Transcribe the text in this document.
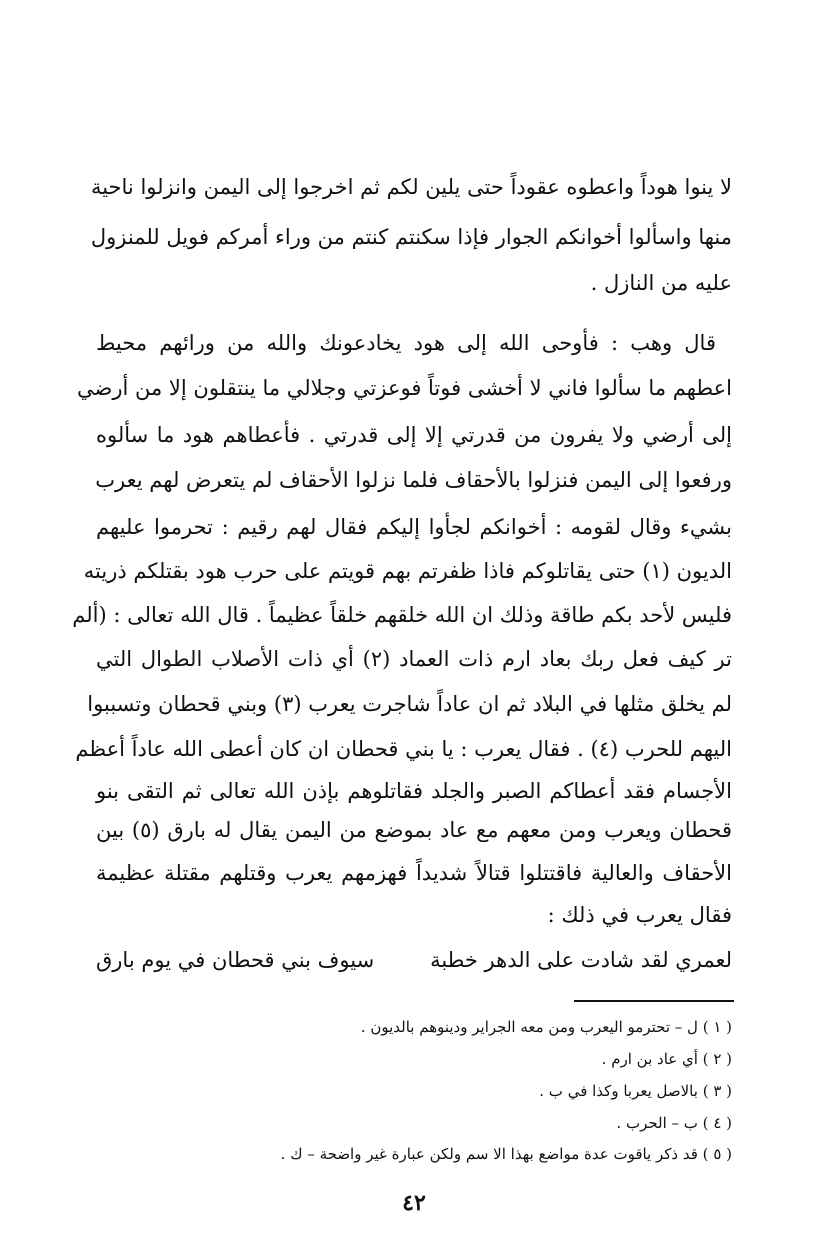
لا ينوا هوداً واعطوه عقوداً حتى يلين لكم ثم اخرجوا إلى اليمن وانزلوا ناحية
منها واسألوا أخوانكم الجوار فإذا سكنتم كنتم من وراء أمركم فويل للمنزول
عليه من النازل .
قال وهب : فأوحى الله إلى هود يخادعونك والله من ورائهم محيط
اعطهم ما سألوا فاني لا أخشى فوتاً فوعزتي وجلالي ما ينتقلون إلا من أرضي
إلى أرضي ولا يفرون من قدرتي إلا إلى قدرتي . فأعطاهم هود ما سألوه
ورفعوا إلى اليمن فنزلوا بالأحقاف فلما نزلوا الأحقاف لم يتعرض لهم يعرب
بشيء وقال لقومه : أخوانكم لجأوا إليكم فقال لهم رقيم : تحرموا عليهم
الديون (١) حتى يقاتلوكم فاذا ظفرتم بهم قويتم على حرب هود بقتلكم ذريته
فليس لأحد بكم طاقة وذلك ان الله خلقهم خلقاً عظيماً . قال الله تعالى : (ألم
تر كيف فعل ربك بعاد ارم ذات العماد (٢) أي ذات الأصلاب الطوال التي
لم يخلق مثلها في البلاد ثم ان عاداً شاجرت يعرب (٣) وبني قحطان وتسببوا
اليهم للحرب (٤) . فقال يعرب : يا بني قحطان ان كان أعطى الله عاداً أعظم
الأجسام فقد أعطاكم الصبر والجلد فقاتلوهم بإذن الله تعالى ثم التقى بنو
قحطان ويعرب ومن معهم مع عاد بموضع من اليمن يقال له بارق (٥) بين
الأحقاف والعالية فاقتتلوا قتالاً شديداً فهزمهم يعرب وقتلهم مقتلة عظيمة
فقال يعرب في ذلك :
لعمري لقد شادت على الدهر خطبة
سيوف بني قحطان في يوم بارق
( ١ ) ل – تحترمو اليعرب ومن معه الجراير ودينوهم بالديون .
( ٢ ) أي عاد بن ارم .
( ٣ ) بالاصل يعربا وكذا في ب .
( ٤ ) ب – الحرب .
( ٥ ) قد ذكر ياقوت عدة مواضع بهذا الا سم ولكن عبارة غير واضحة – ك .
٤٢
